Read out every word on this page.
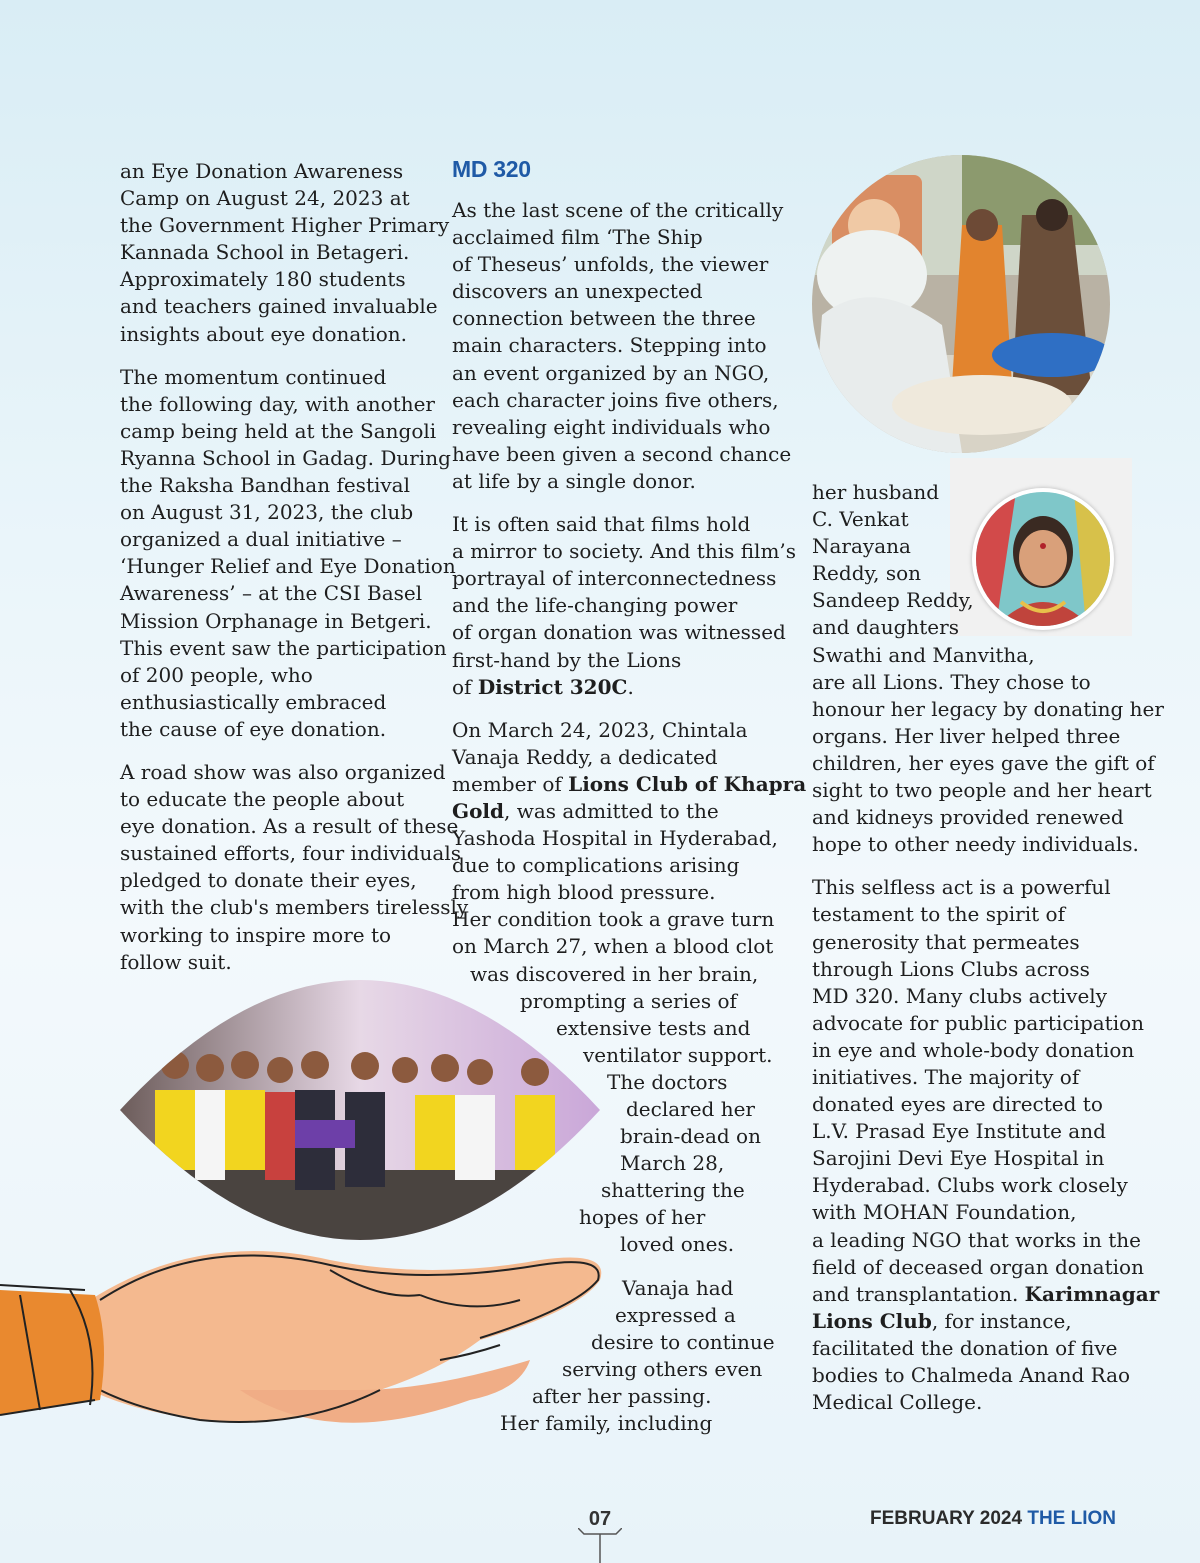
an Eye Donation Awareness
Camp on August 24, 2023 at
the Government Higher Primary
Kannada School in Betageri.
Approximately 180 students
and teachers gained invaluable
insights about eye donation.

The momentum continued
the following day, with another
camp being held at the Sangoli
Ryanna School in Gadag. During
the Raksha Bandhan festival
on August 31, 2023, the club
organized a dual initiative –
‘Hunger Relief and Eye Donation
Awareness’ – at the CSI Basel
Mission Orphanage in Betgeri.
This event saw the participation
of 200 people, who
enthusiastically embraced
the cause of eye donation.

A road show was also organized
to educate the people about
eye donation. As a result of these
sustained efforts, four individuals
pledged to donate their eyes,
with the club's members tirelessly
working to inspire more to
follow suit.

MD 320

As the last scene of the critically
acclaimed film ‘The Ship
of Theseus’ unfolds, the viewer
discovers an unexpected
connection between the three
main characters. Stepping into
an event organized by an NGO,
each character joins five others,
revealing eight individuals who
have been given a second chance
at life by a single donor.

It is often said that films hold
a mirror to society. And this film’s
portrayal of interconnectedness
and the life-changing power
of organ donation was witnessed
first-hand by the Lions
of District 320C.

On March 24, 2023, Chintala
Vanaja Reddy, a dedicated
member of Lions Club of Khapra
Gold, was admitted to the
Yashoda Hospital in Hyderabad,
due to complications arising
from high blood pressure.
Her condition took a grave turn
on March 27, when a blood clot
was discovered in her brain,
prompting a series of
extensive tests and
ventilator support.
The doctors
declared her
brain-dead on
March 28,
shattering the
hopes of her
loved ones.

Vanaja had
expressed a
desire to continue
serving others even
after her passing.
Her family, including

her husband
C. Venkat
Narayana
Reddy, son
Sandeep Reddy,
and daughters
Swathi and Manvitha,
are all Lions. They chose to
honour her legacy by donating her
organs. Her liver helped three
children, her eyes gave the gift of
sight to two people and her heart
and kidneys provided renewed
hope to other needy individuals.

This selfless act is a powerful
testament to the spirit of
generosity that permeates
through Lions Clubs across
MD 320. Many clubs actively
advocate for public participation
in eye and whole-body donation
initiatives. The majority of
donated eyes are directed to
L.V. Prasad Eye Institute and
Sarojini Devi Eye Hospital in
Hyderabad. Clubs work closely
with MOHAN Foundation,
a leading NGO that works in the
field of deceased organ donation
and transplantation. Karimnagar
Lions Club, for instance,
facilitated the donation of five
bodies to Chalmeda Anand Rao
Medical College.

07	FEBRUARY 2024 THE LION
